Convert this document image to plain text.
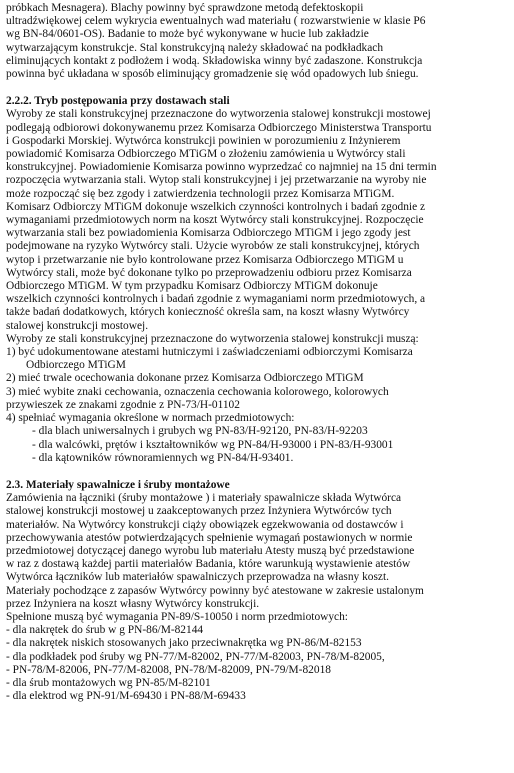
próbkach Mesnagera). Blachy powinny być sprawdzone metodą defektoskopii
ultradźwiękowej celem wykrycia ewentualnych wad materiału ( rozwarstwienie w klasie P6
wg BN-84/0601-OS). Badanie to może być wykonywane w hucie lub zakładzie
wytwarzającym konstrukcje. Stal konstrukcyjną należy składować na podkładkach
eliminujących kontakt z podłożem i wodą. Składowiska winny być zadaszone. Konstrukcja
powinna być układana w sposób eliminujący gromadzenie się wód opadowych lub śniegu.
2.2.2. Tryb postępowania przy dostawach stali
Wyroby ze stali konstrukcyjnej przeznaczone do wytworzenia stalowej konstrukcji mostowej
podlegają odbiorowi dokonywanemu przez Komisarza Odbiorczego Ministerstwa Transportu
i Gospodarki Morskiej. Wytwórca konstrukcji powinien w porozumieniu z Inżynierem
powiadomić Komisarza Odbiorczego MTiGM o złożeniu zamówienia u Wytwórcy stali
konstrukcyjnej. Powiadomienie Komisarza powinno wyprzedzać co najmniej na 15 dni termin
rozpoczęcia wytwarzania stali. Wytop stali konstrukcyjnej i jej przetwarzanie na wyroby nie
może rozpocząć się bez zgody i zatwierdzenia technologii przez Komisarza MTiGM.
Komisarz Odbiorczy MTiGM dokonuje wszelkich czynności kontrolnych i badań zgodnie z
wymaganiami przedmiotowych norm na koszt Wytwórcy stali konstrukcyjnej. Rozpoczęcie
wytwarzania stali bez powiadomienia Komisarza Odbiorczego MTiGM i jego zgody jest
podejmowane na ryzyko Wytwórcy stali. Użycie wyrobów ze stali konstrukcyjnej, których
wytop i przetwarzanie nie było kontrolowane przez Komisarza Odbiorczego MTiGM u
Wytwórcy stali, może być dokonane tylko po przeprowadzeniu odbioru przez Komisarza
Odbiorczego MTiGM. W tym przypadku Komisarz Odbiorczy MTiGM dokonuje
wszelkich czynności kontrolnych i badań zgodnie z wymaganiami norm przedmiotowych, a
także badań dodatkowych, których konieczność określa sam, na koszt własny Wytwórcy
stalowej konstrukcji mostowej.
Wyroby ze stali konstrukcyjnej przeznaczone do wytworzenia stalowej konstrukcji muszą:
1) być udokumentowane atestami hutniczymi i zaświadczeniami odbiorczymi Komisarza
Odbiorczego MTiGM
2) mieć trwale ocechowania dokonane przez Komisarza Odbiorczego MTiGM
3) mieć wybite znaki cechowania, oznaczenia cechowania kolorowego, kolorowych
przywieszek ze znakami zgodnie z PN-73/H-01102
4) spełniać wymagania określone w normach przedmiotowych:
- dla blach uniwersalnych i grubych wg PN-83/H-92120, PN-83/H-92203
- dla walcówki, prętów i kształtowników wg PN-84/H-93000 i PN-83/H-93001
- dla kątowników równoramiennych wg PN-84/H-93401.
2.3. Materiały spawalnicze i śruby montażowe
Zamówienia na łączniki (śruby montażowe ) i materiały spawalnicze składa Wytwórca
stalowej konstrukcji mostowej u zaakceptowanych przez Inżyniera Wytwórców tych
materiałów. Na Wytwórcy konstrukcji ciąży obowiązek egzekwowania od dostawców i
przechowywania atestów potwierdzających spełnienie wymagań postawionych w normie
przedmiotowej dotyczącej danego wyrobu lub materiału Atesty muszą być przedstawione
w raz z dostawą każdej partii materiałów Badania, które warunkują wystawienie atestów
Wytwórca łączników lub materiałów spawalniczych przeprowadza na własny koszt.
Materiały pochodzące z zapasów Wytwórcy powinny być atestowane w zakresie ustalonym
przez Inżyniera na koszt własny Wytwórcy konstrukcji.
Spełnione muszą być wymagania PN-89/S-10050 i norm przedmiotowych:
- dla nakrętek do śrub w g PN-86/M-82144
- dla nakrętek niskich stosowanych jako przeciwnakrętka wg PN-86/M-82153
- dla podkładek pod śruby wg PN-77/M-82002, PN-77/M-82003, PN-78/M-82005,
- PN-78/M-82006, PN-77/M-82008, PN-78/M-82009, PN-79/M-82018
- dla śrub montażowych wg PN-85/M-82101
- dla elektrod wg PN-91/M-69430 i PN-88/M-69433
